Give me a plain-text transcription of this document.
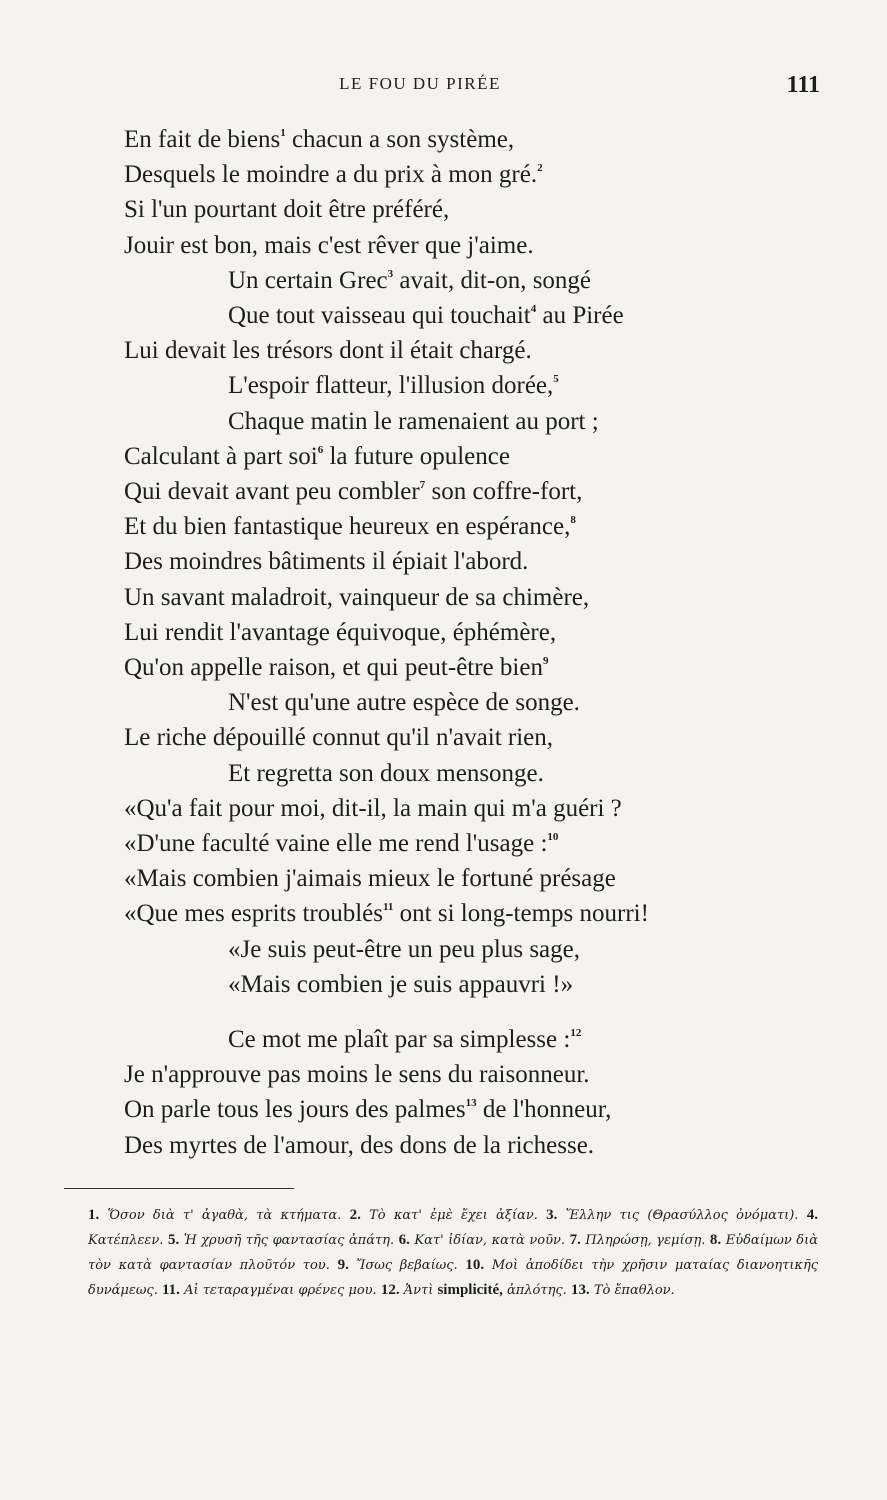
LE FOU DU PIRÉE	111
En fait de biens$^1$ chacun a son système,
Desquels le moindre a du prix à mon gré.$^2$
Si l'un pourtant doit être préféré,
Jouir est bon, mais c'est rêver que j'aime.
Un certain Grec$^3$ avait, dit-on, songé
Que tout vaisseau qui touchait$^4$ au Pirée
Lui devait les trésors dont il était chargé.
L'espoir flatteur, l'illusion dorée,$^5$
Chaque matin le ramenaient au port ;
Calculant à part soi$^6$ la future opulence
Qui devait avant peu combler$^7$ son coffre-fort,
Et du bien fantastique heureux en espérance,$^8$
Des moindres bâtiments il épiait l'abord.
Un savant maladroit, vainqueur de sa chimère,
Lui rendit l'avantage équivoque, éphémère,
Qu'on appelle raison, et qui peut-être bien$^9$
N'est qu'une autre espèce de songe.
Le riche dépouillé connut qu'il n'avait rien,
Et regretta son doux mensonge.
«Qu'a fait pour moi, dit-il, la main qui m'a guéri ?
«D'une faculté vaine elle me rend l'usage :$^{10}$
«Mais combien j'aimais mieux le fortuné présage
«Que mes esprits troublés$^{11}$ ont si long-temps nourri!
«Je suis peut-être un peu plus sage,
«Mais combien je suis appauvri !»
Ce mot me plaît par sa simplesse :$^{12}$
Je n'approuve pas moins le sens du raisonneur.
On parle tous les jours des palmes$^{13}$ de l'honneur,
Des myrtes de l'amour, des dons de la richesse.
1. Ὅσον διὰ τ' ἀγαθὰ, τὰ κτήματα. 2. Τὸ κατ' ἐμὲ ἔχει ἀξίαν. 3. Ἕλλην τις (Θρασύλλος ὀνόματι). 4. Κατέπλεεν. 5. Ἡ χρυσῆ τῆς φαντασίας ἀπάτη. 6. Κατ' ἰδίαν, κατὰ νοῦν. 7. Πληρώσῃ, γεμίσῃ. 8. Εὐδαίμων διὰ τὸν κατὰ φαντασίαν πλοῦτόν του. 9. Ἴσως βεβαίως. 10. Μοὶ ἀποδίδει τὴν χρῆσιν ματαίας διανοητικῆς δυνάμεως. 11. Αἱ τεταραγμέναι φρένες μου. 12. Ἀντὶ simplicité, ἀπλότης. 13. Τὸ ἔπαθλον.
